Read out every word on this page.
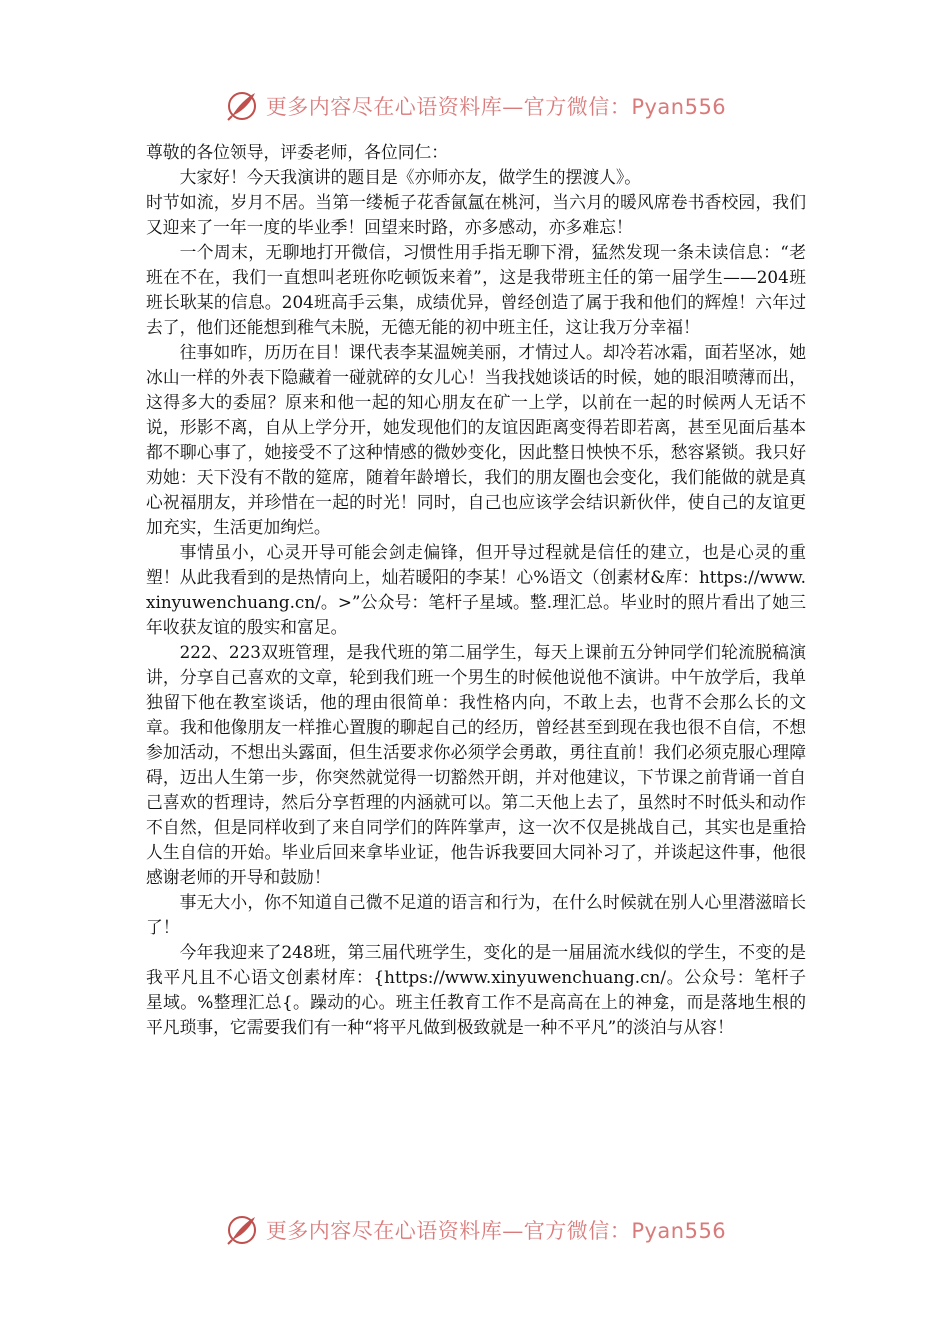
更多内容尽在心语资料库—官方微信：Pyan556

尊敬的各位领导，评委老师，各位同仁：

大家好！今天我演讲的题目是《亦师亦友，做学生的摆渡人》。

时节如流，岁月不居。当第一缕栀子花香氤氲在桃河，当六月的暖风席卷书香校园，我们又迎来了一年一度的毕业季！回望来时路，亦多感动，亦多难忘！

一个周末，无聊地打开微信，习惯性用手指无聊下滑，猛然发现一条未读信息：“老班在不在，我们一直想叫老班你吃顿饭来着”，这是我带班主任的第一届学生——204班班长耿某的信息。204班高手云集，成绩优异，曾经创造了属于我和他们的辉煌！六年过去了，他们还能想到稚气未脱，无德无能的初中班主任，这让我万分幸福！

往事如昨，历历在目！课代表李某温婉美丽，才情过人。却冷若冰霜，面若坚冰，她冰山一样的外表下隐藏着一碰就碎的女儿心！当我找她谈话的时候，她的眼泪喷薄而出，这得多大的委屈？原来和他一起的知心朋友在矿一上学，以前在一起的时候两人无话不说，形影不离，自从上学分开，她发现他们的友谊因距离变得若即若离，甚至见面后基本都不聊心事了，她接受不了这种情感的微妙变化，因此整日怏怏不乐，愁容紧锁。我只好劝她：天下没有不散的筵席，随着年龄增长，我们的朋友圈也会变化，我们能做的就是真心祝福朋友，并珍惜在一起的时光！同时，自己也应该学会结识新伙伴，使自己的友谊更加充实，生活更加绚烂。

事情虽小，心灵开导可能会剑走偏锋，但开导过程就是信任的建立，也是心灵的重塑！从此我看到的是热情向上，灿若暖阳的李某！心%语文（创素材&库：https://www.xinyuwenchuang.cn/。>”公众号：笔杆子星域。整.理汇总。毕业时的照片看出了她三年收获友谊的殷实和富足。

222、223双班管理，是我代班的第二届学生，每天上课前五分钟同学们轮流脱稿演讲，分享自己喜欢的文章，轮到我们班一个男生的时候他说他不演讲。中午放学后，我单独留下他在教室谈话，他的理由很简单：我性格内向，不敢上去，也背不会那么长的文章。我和他像朋友一样推心置腹的聊起自己的经历，曾经甚至到现在我也很不自信，不想参加活动，不想出头露面，但生活要求你必须学会勇敢，勇往直前！我们必须克服心理障碍，迈出人生第一步，你突然就觉得一切豁然开朗，并对他建议，下节课之前背诵一首自己喜欢的哲理诗，然后分享哲理的内涵就可以。第二天他上去了，虽然时不时低头和动作不自然，但是同样收到了来自同学们的阵阵掌声，这一次不仅是挑战自己，其实也是重拾人生自信的开始。毕业后回来拿毕业证，他告诉我要回大同补习了，并谈起这件事，他很感谢老师的开导和鼓励！

事无大小，你不知道自己微不足道的语言和行为，在什么时候就在别人心里潜滋暗长了！

今年我迎来了248班，第三届代班学生，变化的是一届届流水线似的学生，不变的是我平凡且不心语文创素材库：{https://www.xinyuwenchuang.cn/。公众号：笔杆子星域。%整理汇总{。躁动的心。班主任教育工作不是高高在上的神龛，而是落地生根的平凡琐事，它需要我们有一种“将平凡做到极致就是一种不平凡”的淡泊与从容！

更多内容尽在心语资料库—官方微信：Pyan556
